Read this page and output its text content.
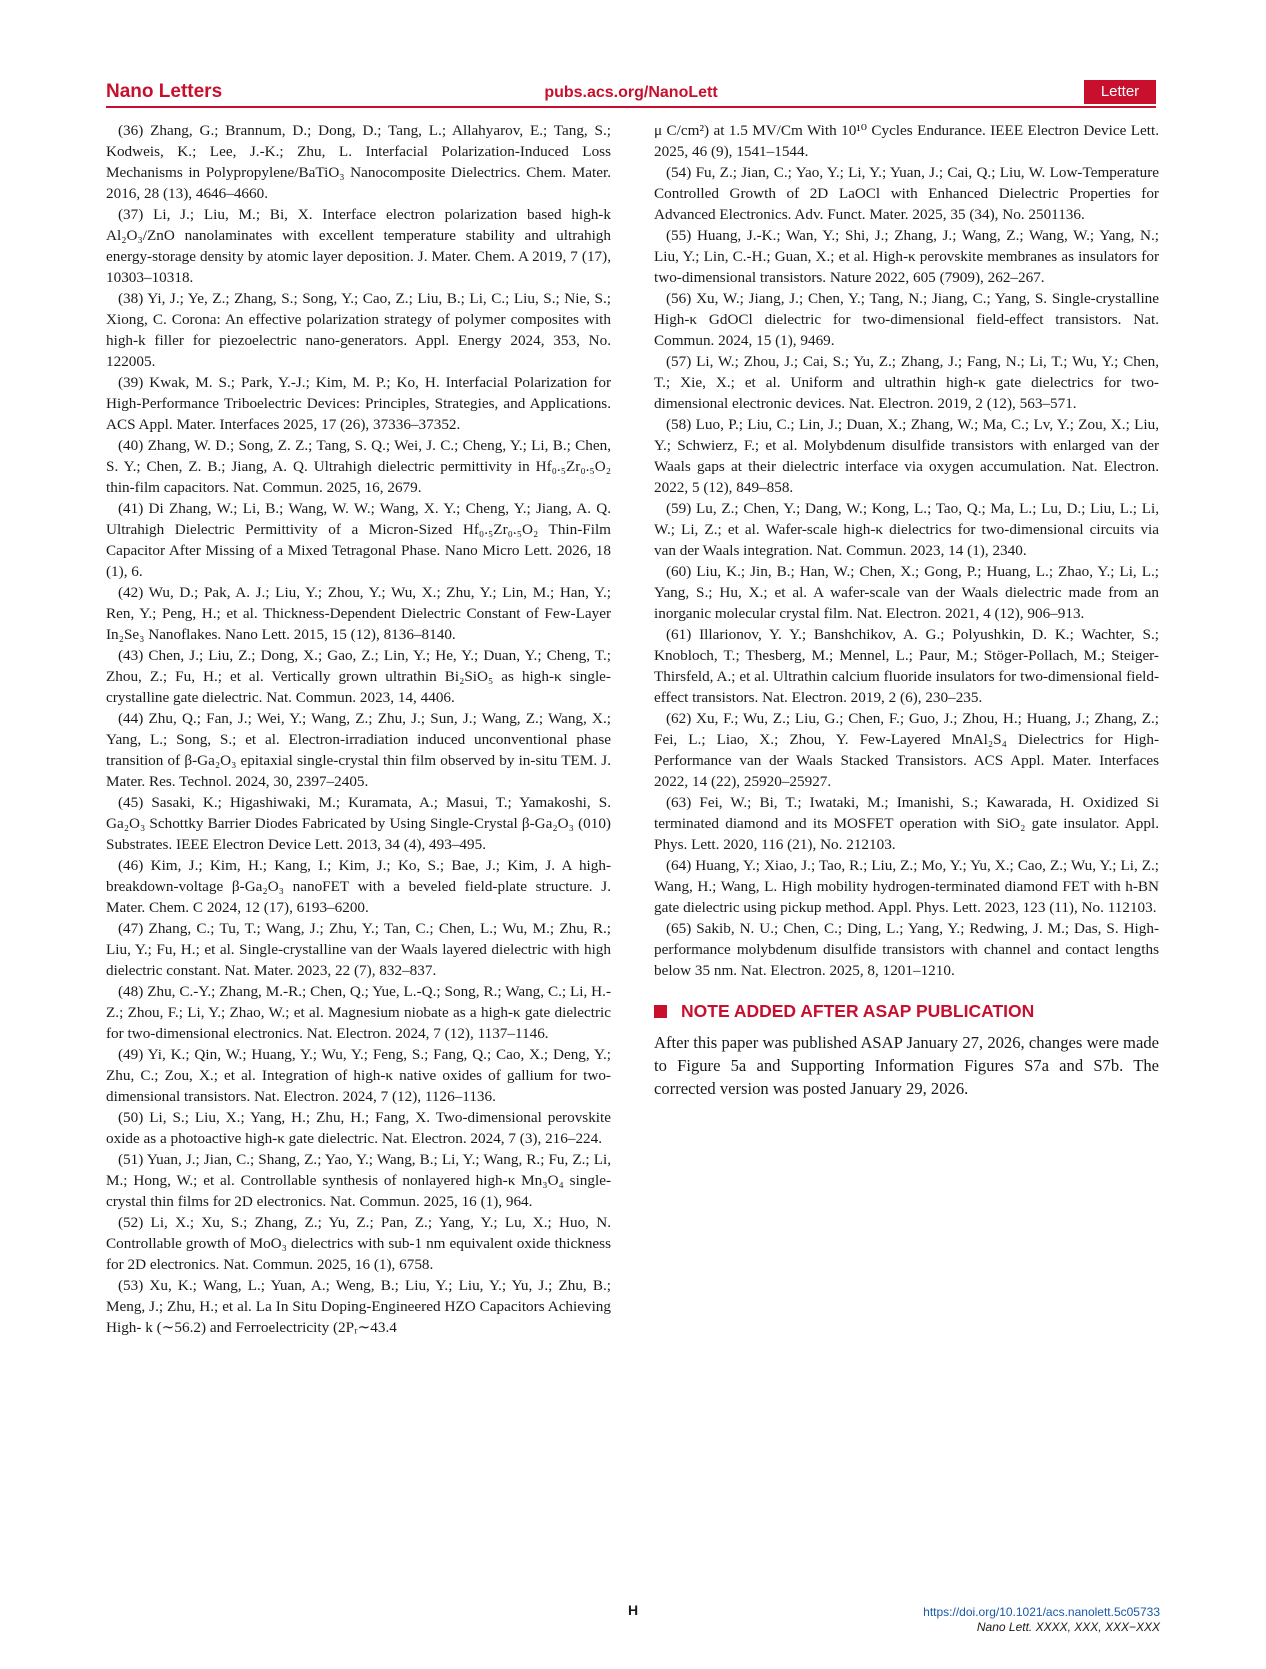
Nano Letters	pubs.acs.org/NanoLett	Letter

(36) Zhang, G.; Brannum, D.; Dong, D.; Tang, L.; Allahyarov, E.; Tang, S.; Kodweis, K.; Lee, J.-K.; Zhu, L. Interfacial Polarization-Induced Loss Mechanisms in Polypropylene/BaTiO₃ Nanocomposite Dielectrics. Chem. Mater. 2016, 28 (13), 4646–4660.

(37) Li, J.; Liu, M.; Bi, X. Interface electron polarization based high-k Al₂O₃/ZnO nanolaminates with excellent temperature stability and ultrahigh energy-storage density by atomic layer deposition. J. Mater. Chem. A 2019, 7 (17), 10303–10318.

(38) Yi, J.; Ye, Z.; Zhang, S.; Song, Y.; Cao, Z.; Liu, B.; Li, C.; Liu, S.; Nie, S.; Xiong, C. Corona: An effective polarization strategy of polymer composites with high-k filler for piezoelectric nano-generators. Appl. Energy 2024, 353, No. 122005.

(39) Kwak, M. S.; Park, Y.-J.; Kim, M. P.; Ko, H. Interfacial Polarization for High-Performance Triboelectric Devices: Principles, Strategies, and Applications. ACS Appl. Mater. Interfaces 2025, 17 (26), 37336–37352.

(40) Zhang, W. D.; Song, Z. Z.; Tang, S. Q.; Wei, J. C.; Cheng, Y.; Li, B.; Chen, S. Y.; Chen, Z. B.; Jiang, A. Q. Ultrahigh dielectric permittivity in Hf₀.₅Zr₀.₅O₂ thin-film capacitors. Nat. Commun. 2025, 16, 2679.

(41) Di Zhang, W.; Li, B.; Wang, W. W.; Wang, X. Y.; Cheng, Y.; Jiang, A. Q. Ultrahigh Dielectric Permittivity of a Micron-Sized Hf₀.₅Zr₀.₅O₂ Thin-Film Capacitor After Missing of a Mixed Tetragonal Phase. Nano Micro Lett. 2026, 18 (1), 6.

(42) Wu, D.; Pak, A. J.; Liu, Y.; Zhou, Y.; Wu, X.; Zhu, Y.; Lin, M.; Han, Y.; Ren, Y.; Peng, H.; et al. Thickness-Dependent Dielectric Constant of Few-Layer In₂Se₃ Nanoflakes. Nano Lett. 2015, 15 (12), 8136–8140.

(43) Chen, J.; Liu, Z.; Dong, X.; Gao, Z.; Lin, Y.; He, Y.; Duan, Y.; Cheng, T.; Zhou, Z.; Fu, H.; et al. Vertically grown ultrathin Bi₂SiO₅ as high-κ single-crystalline gate dielectric. Nat. Commun. 2023, 14, 4406.

(44) Zhu, Q.; Fan, J.; Wei, Y.; Wang, Z.; Zhu, J.; Sun, J.; Wang, Z.; Wang, X.; Yang, L.; Song, S.; et al. Electron-irradiation induced unconventional phase transition of β-Ga₂O₃ epitaxial single-crystal thin film observed by in-situ TEM. J. Mater. Res. Technol. 2024, 30, 2397–2405.

(45) Sasaki, K.; Higashiwaki, M.; Kuramata, A.; Masui, T.; Yamakoshi, S. Ga₂O₃ Schottky Barrier Diodes Fabricated by Using Single-Crystal β-Ga₂O₃ (010) Substrates. IEEE Electron Device Lett. 2013, 34 (4), 493–495.

(46) Kim, J.; Kim, H.; Kang, I.; Kim, J.; Ko, S.; Bae, J.; Kim, J. A high-breakdown-voltage β-Ga₂O₃ nanoFET with a beveled field-plate structure. J. Mater. Chem. C 2024, 12 (17), 6193–6200.

(47) Zhang, C.; Tu, T.; Wang, J.; Zhu, Y.; Tan, C.; Chen, L.; Wu, M.; Zhu, R.; Liu, Y.; Fu, H.; et al. Single-crystalline van der Waals layered dielectric with high dielectric constant. Nat. Mater. 2023, 22 (7), 832–837.

(48) Zhu, C.-Y.; Zhang, M.-R.; Chen, Q.; Yue, L.-Q.; Song, R.; Wang, C.; Li, H.-Z.; Zhou, F.; Li, Y.; Zhao, W.; et al. Magnesium niobate as a high-κ gate dielectric for two-dimensional electronics. Nat. Electron. 2024, 7 (12), 1137–1146.

(49) Yi, K.; Qin, W.; Huang, Y.; Wu, Y.; Feng, S.; Fang, Q.; Cao, X.; Deng, Y.; Zhu, C.; Zou, X.; et al. Integration of high-κ native oxides of gallium for two-dimensional transistors. Nat. Electron. 2024, 7 (12), 1126–1136.

(50) Li, S.; Liu, X.; Yang, H.; Zhu, H.; Fang, X. Two-dimensional perovskite oxide as a photoactive high-κ gate dielectric. Nat. Electron. 2024, 7 (3), 216–224.

(51) Yuan, J.; Jian, C.; Shang, Z.; Yao, Y.; Wang, B.; Li, Y.; Wang, R.; Fu, Z.; Li, M.; Hong, W.; et al. Controllable synthesis of nonlayered high-κ Mn₃O₄ single-crystal thin films for 2D electronics. Nat. Commun. 2025, 16 (1), 964.

(52) Li, X.; Xu, S.; Zhang, Z.; Yu, Z.; Pan, Z.; Yang, Y.; Lu, X.; Huo, N. Controllable growth of MoO₃ dielectrics with sub-1 nm equivalent oxide thickness for 2D electronics. Nat. Commun. 2025, 16 (1), 6758.

(53) Xu, K.; Wang, L.; Yuan, A.; Weng, B.; Liu, Y.; Liu, Y.; Yu, J.; Zhu, B.; Meng, J.; Zhu, H.; et al. La In Situ Doping-Engineered HZO Capacitors Achieving High- k (∼56.2) and Ferroelectricity (2Pᵣ∼43.4

μ C/cm²) at 1.5 MV/Cm With 10¹⁰ Cycles Endurance. IEEE Electron Device Lett. 2025, 46 (9), 1541–1544.

(54) Fu, Z.; Jian, C.; Yao, Y.; Li, Y.; Yuan, J.; Cai, Q.; Liu, W. Low-Temperature Controlled Growth of 2D LaOCl with Enhanced Dielectric Properties for Advanced Electronics. Adv. Funct. Mater. 2025, 35 (34), No. 2501136.

(55) Huang, J.-K.; Wan, Y.; Shi, J.; Zhang, J.; Wang, Z.; Wang, W.; Yang, N.; Liu, Y.; Lin, C.-H.; Guan, X.; et al. High-κ perovskite membranes as insulators for two-dimensional transistors. Nature 2022, 605 (7909), 262–267.

(56) Xu, W.; Jiang, J.; Chen, Y.; Tang, N.; Jiang, C.; Yang, S. Single-crystalline High-κ GdOCl dielectric for two-dimensional field-effect transistors. Nat. Commun. 2024, 15 (1), 9469.

(57) Li, W.; Zhou, J.; Cai, S.; Yu, Z.; Zhang, J.; Fang, N.; Li, T.; Wu, Y.; Chen, T.; Xie, X.; et al. Uniform and ultrathin high-κ gate dielectrics for two-dimensional electronic devices. Nat. Electron. 2019, 2 (12), 563–571.

(58) Luo, P.; Liu, C.; Lin, J.; Duan, X.; Zhang, W.; Ma, C.; Lv, Y.; Zou, X.; Liu, Y.; Schwierz, F.; et al. Molybdenum disulfide transistors with enlarged van der Waals gaps at their dielectric interface via oxygen accumulation. Nat. Electron. 2022, 5 (12), 849–858.

(59) Lu, Z.; Chen, Y.; Dang, W.; Kong, L.; Tao, Q.; Ma, L.; Lu, D.; Liu, L.; Li, W.; Li, Z.; et al. Wafer-scale high-κ dielectrics for two-dimensional circuits via van der Waals integration. Nat. Commun. 2023, 14 (1), 2340.

(60) Liu, K.; Jin, B.; Han, W.; Chen, X.; Gong, P.; Huang, L.; Zhao, Y.; Li, L.; Yang, S.; Hu, X.; et al. A wafer-scale van der Waals dielectric made from an inorganic molecular crystal film. Nat. Electron. 2021, 4 (12), 906–913.

(61) Illarionov, Y. Y.; Banshchikov, A. G.; Polyushkin, D. K.; Wachter, S.; Knobloch, T.; Thesberg, M.; Mennel, L.; Paur, M.; Stöger-Pollach, M.; Steiger-Thirsfeld, A.; et al. Ultrathin calcium fluoride insulators for two-dimensional field-effect transistors. Nat. Electron. 2019, 2 (6), 230–235.

(62) Xu, F.; Wu, Z.; Liu, G.; Chen, F.; Guo, J.; Zhou, H.; Huang, J.; Zhang, Z.; Fei, L.; Liao, X.; Zhou, Y. Few-Layered MnAl₂S₄ Dielectrics for High-Performance van der Waals Stacked Transistors. ACS Appl. Mater. Interfaces 2022, 14 (22), 25920–25927.

(63) Fei, W.; Bi, T.; Iwataki, M.; Imanishi, S.; Kawarada, H. Oxidized Si terminated diamond and its MOSFET operation with SiO₂ gate insulator. Appl. Phys. Lett. 2020, 116 (21), No. 212103.

(64) Huang, Y.; Xiao, J.; Tao, R.; Liu, Z.; Mo, Y.; Yu, X.; Cao, Z.; Wu, Y.; Li, Z.; Wang, H.; Wang, L. High mobility hydrogen-terminated diamond FET with h-BN gate dielectric using pickup method. Appl. Phys. Lett. 2023, 123 (11), No. 112103.

(65) Sakib, N. U.; Chen, C.; Ding, L.; Yang, Y.; Redwing, J. M.; Das, S. High-performance molybdenum disulfide transistors with channel and contact lengths below 35 nm. Nat. Electron. 2025, 8, 1201–1210.

NOTE ADDED AFTER ASAP PUBLICATION

After this paper was published ASAP January 27, 2026, changes were made to Figure 5a and Supporting Information Figures S7a and S7b. The corrected version was posted January 29, 2026.

H	https://doi.org/10.1021/acs.nanolett.5c05733
Nano Lett. XXXX, XXX, XXX−XXX
